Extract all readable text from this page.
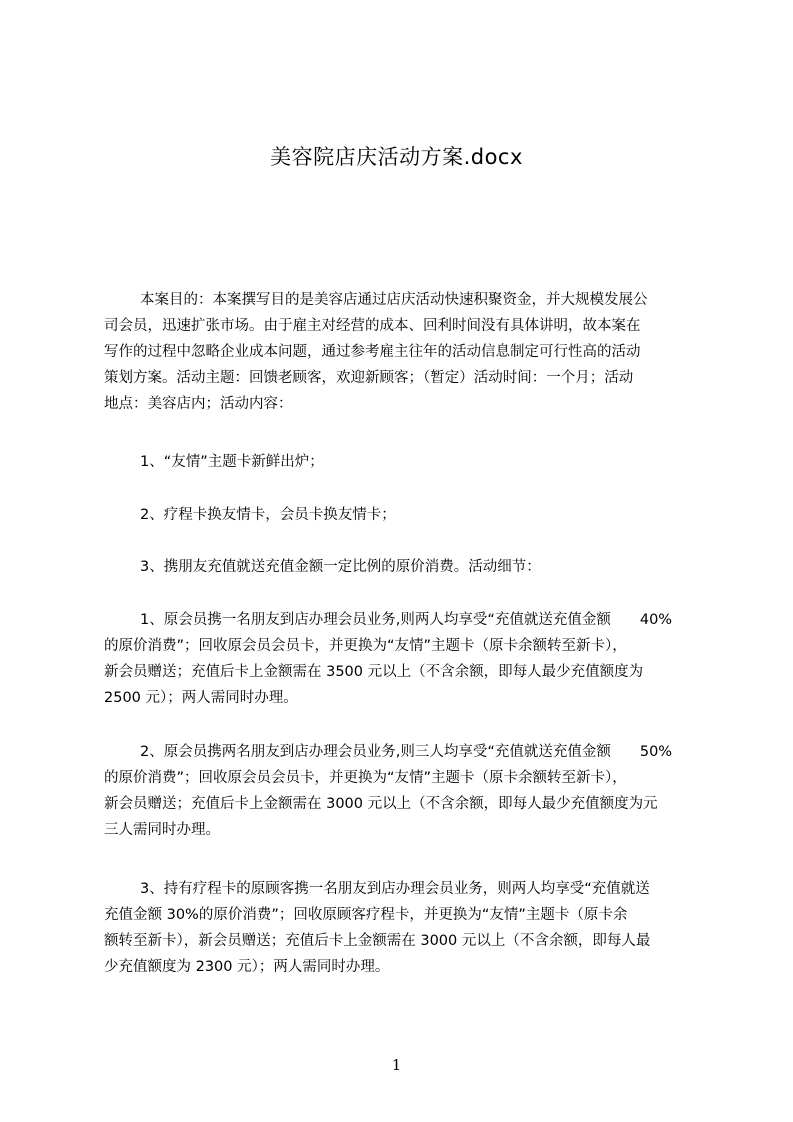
美容院店庆活动方案.docx
本案目的：本案撰写目的是美容店通过店庆活动快速积聚资金，并大规模发展公
司会员，迅速扩张市场。由于雇主对经营的成本、回利时间没有具体讲明，故本案在
写作的过程中忽略企业成本问题，通过参考雇主往年的活动信息制定可行性高的活动
策划方案。活动主题：回馈老顾客，欢迎新顾客；（暂定）活动时间：一个月；活动
地点：美容店内；活动内容：
1、“友情”主题卡新鲜出炉；
2、疗程卡换友情卡，会员卡换友情卡；
3、携朋友充值就送充值金额一定比例的原价消费。活动细节：
1、原会员携一名朋友到店办理会员业务,则两人均享受“充值就送充值金额　　40%
的原价消费”；回收原会员会员卡，并更换为“友情”主题卡（原卡余额转至新卡），
新会员赠送；充值后卡上金额需在 3500 元以上（不含余额，即每人最少充值额度为
2500 元）；两人需同时办理。
2、原会员携两名朋友到店办理会员业务,则三人均享受“充值就送充值金额　　50%
的原价消费”；回收原会员会员卡，并更换为“友情”主题卡（原卡余额转至新卡），
新会员赠送；充值后卡上金额需在 3000 元以上（不含余额，即每人最少充值额度为元
三人需同时办理。
3、持有疗程卡的原顾客携一名朋友到店办理会员业务，则两人均享受“充值就送
充值金额 30%的原价消费”；回收原顾客疗程卡，并更换为“友情”主题卡（原卡余
额转至新卡），新会员赠送；充值后卡上金额需在 3000 元以上（不含余额，即每人最
少充值额度为 2300 元）；两人需同时办理。
1
